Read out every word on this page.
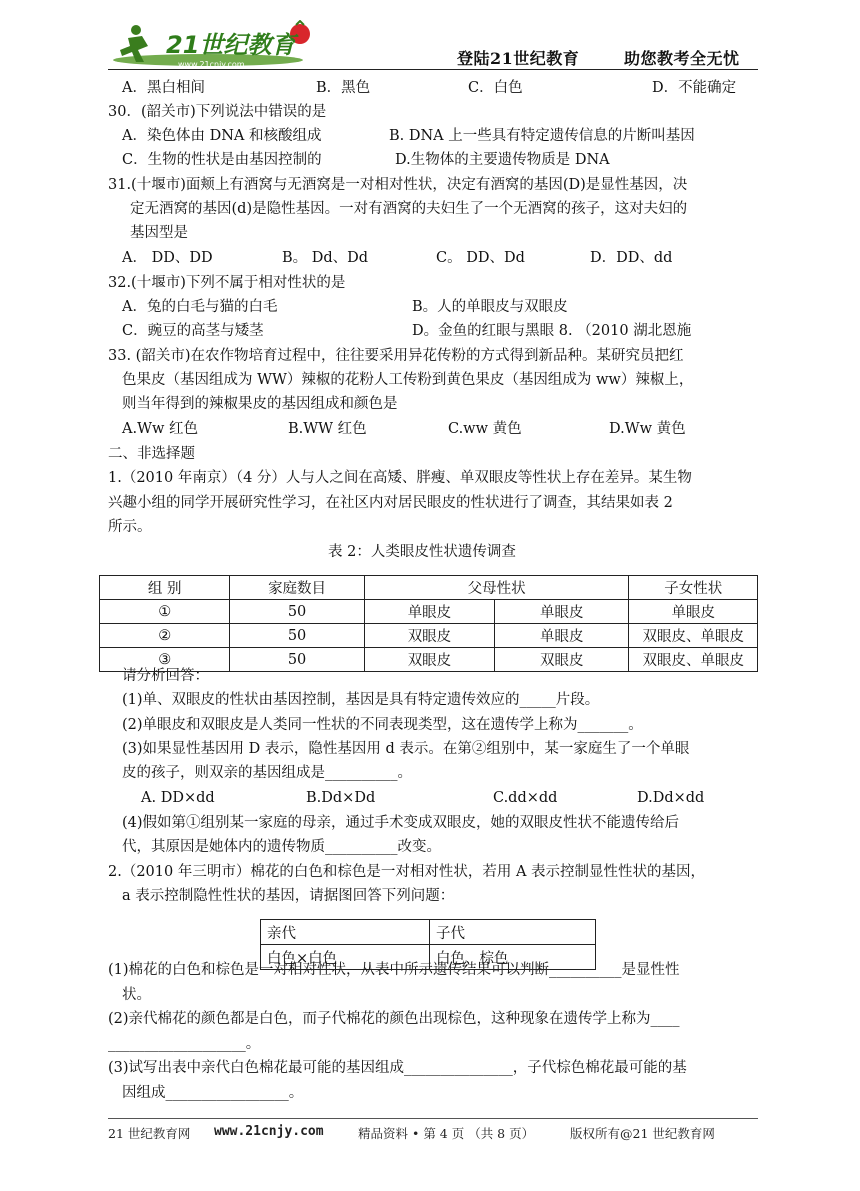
21世纪教育
www.21cnjy.com	登陆21世纪教育	助您教考全无忧
A．黑白相间	B．黑色	C．白色	D．不能确定
30．(韶关市)下列说法中错误的是
A．染色体由 DNA 和核酸组成	B. DNA 上一些具有特定遗传信息的片断叫基因
C．生物的性状是由基因控制的	D.生物体的主要遗传物质是 DNA
31.(十堰市)面颊上有酒窝与无酒窝是一对相对性状，决定有酒窝的基因(D)是显性基因，决
定无酒窝的基因(d)是隐性基因。一对有酒窝的夫妇生了一个无酒窝的孩子，这对夫妇的
基因型是
A． DD、DD	B。 Dd、Dd	C。 DD、Dd	D．DD、dd
32.(十堰市)下列不属于相对性状的是
A．兔的白毛与猫的白毛	B。人的单眼皮与双眼皮
C．豌豆的高茎与矮茎	D。金鱼的红眼与黑眼 8. （2010 湖北恩施
33. (韶关市)在农作物培育过程中，往往要采用异花传粉的方式得到新品种。某研究员把红
色果皮（基因组成为 WW）辣椒的花粉人工传粉到黄色果皮（基因组成为 ww）辣椒上，
则当年得到的辣椒果皮的基因组成和颜色是
A.Ww 红色	B.WW 红色	C.ww 黄色	D.Ww 黄色
二、非选择题
1.（2010 年南京）（4 分）人与人之间在高矮、胖瘦、单双眼皮等性状上存在差异。某生物
兴趣小组的同学开展研究性学习，在社区内对居民眼皮的性状进行了调查，其结果如表 2
所示。
表 2：人类眼皮性状遗传调查
请分析回答：
(1)单、双眼皮的性状由基因控制，基因是具有特定遗传效应的_____片段。
(2)单眼皮和双眼皮是人类同一性状的不同表现类型，这在遗传学上称为_______。
(3)如果显性基因用 D 表示，隐性基因用 d 表示。在第②组别中，某一家庭生了一个单眼
皮的孩子，则双亲的基因组成是__________。
A. DD×dd	B.Dd×Dd	C.dd×dd	D.Dd×dd
(4)假如第①组别某一家庭的母亲，通过手术变成双眼皮，她的双眼皮性状不能遗传给后
代，其原因是她体内的遗传物质__________改变。
2.（2010 年三明市）棉花的白色和棕色是一对相对性状，若用 A 表示控制显性性状的基因，
a 表示控制隐性性状的基因，请据图回答下列问题：
(1)棉花的白色和棕色是一对相对性状，从表中所示遗传结果可以判断__________是显性性
状。
(2)亲代棉花的颜色都是白色，而子代棉花的颜色出现棕色，这种现象在遗传学上称为____
___________________。
(3)试写出表中亲代白色棉花最可能的基因组成_______________，子代棕色棉花最可能的基
因组成_________________。
组 别	家庭数目	父母性状		子女性状
①	50	单眼皮	单眼皮	单眼皮
②	50	双眼皮	单眼皮	双眼皮、单眼皮
③	50	双眼皮	双眼皮	双眼皮、单眼皮
亲代	子代
白色×白色	白色、棕色
21 世纪教育网 www.21cnjy.com	精品资料 • 第 4 页 （共 8 页）	版权所有@21 世纪教育网
